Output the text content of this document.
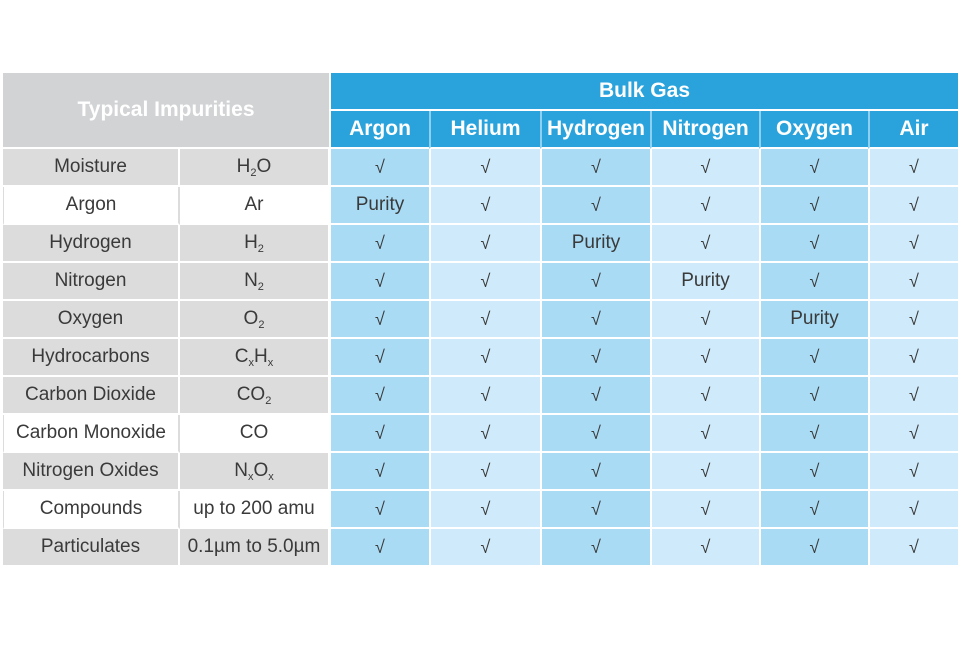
Typical Impurities		Bulk Gas					
		Argon	Helium	Hydrogen	Nitrogen	Oxygen	Air
Moisture	$H_2O$	√	√	√	√	√	√
Argon	Ar	Purity	√	√	√	√	√
Hydrogen	$H_2$	√	√	Purity	√	√	√
Nitrogen	$N_2$	√	√	√	Purity	√	√
Oxygen	$O_2$	√	√	√	√	Purity	√
Hydrocarbons	$C_xH_x$	√	√	√	√	√	√
Carbon Dioxide	$CO_2$	√	√	√	√	√	√
Carbon Monoxide	CO	√	√	√	√	√	√
Nitrogen Oxides	$N_xO_x$	√	√	√	√	√	√
Compounds	up to 200 amu	√	√	√	√	√	√
Particulates	0.1µm to 5.0µm	√	√	√	√	√	√
